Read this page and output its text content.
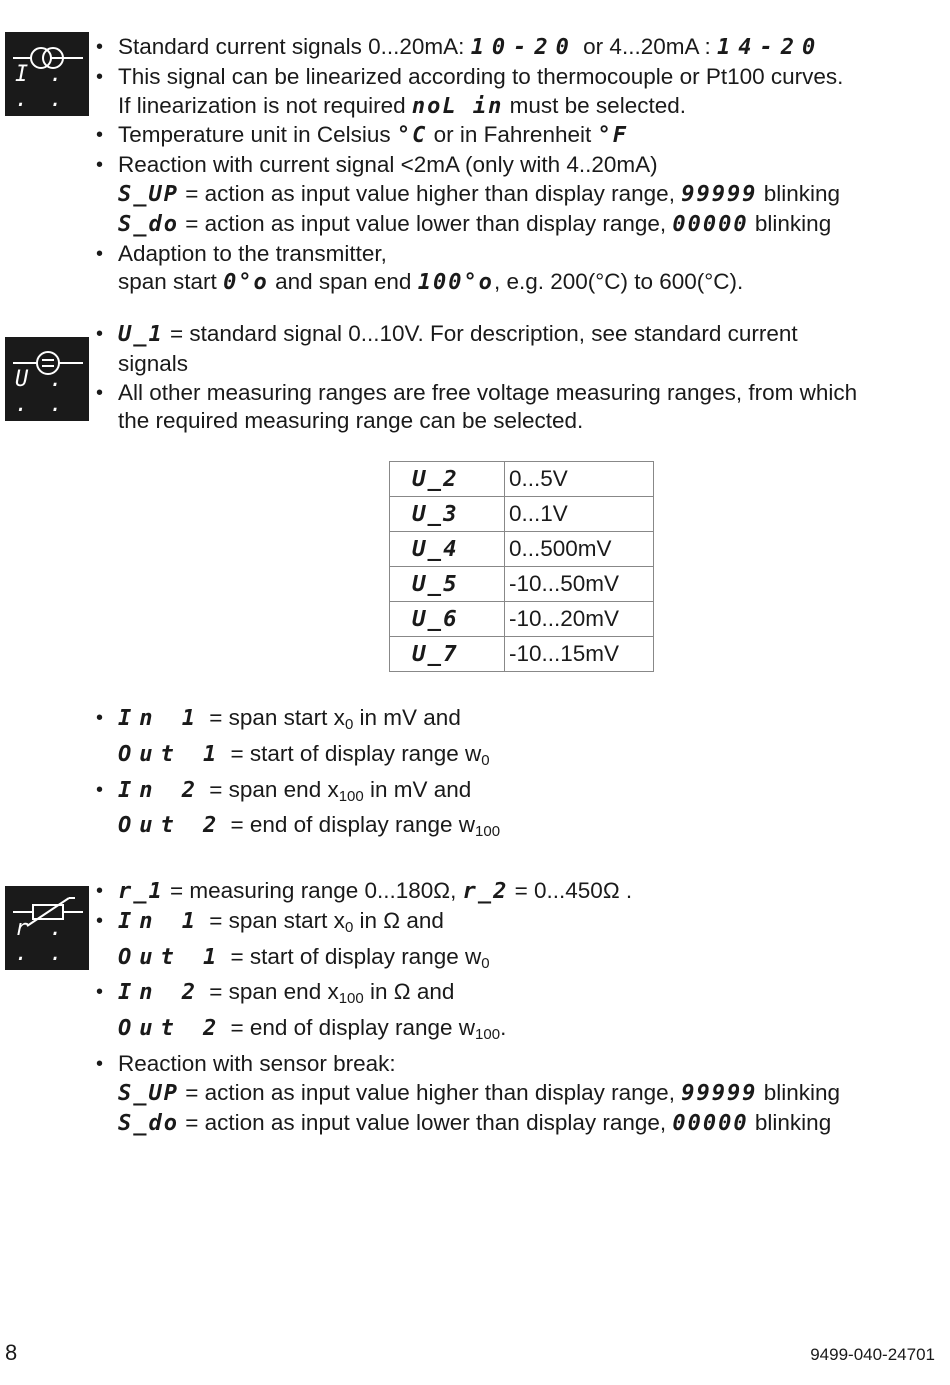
I . . .
• Standard current signals 0...20mA: 10-20 or 4...20mA : 14-20
• This signal can be linearized according to thermocouple or Pt100 curves.
If linearization is not required noL in must be selected.
• Temperature unit in Celsius °C or in Fahrenheit °F
• Reaction with current signal <2mA (only with 4..20mA)
S_UP = action as input value higher than display range, 99999 blinking
S_do = action as input value lower than display range, 00000 blinking
• Adaption to the transmitter,
span start 0°o and span end 100°o, e.g. 200(°C) to 600(°C).
U . . .
• U_1 = standard signal 0...10V. For description, see standard current
signals
• All other measuring ranges are free voltage measuring ranges, from which
the required measuring range can be selected.
U_2	0...5V
U_3	0...1V
U_4	0...500mV
U_5	-10...50mV
U_6	-10...20mV
U_7	-10...15mV
• In 1 = span start $x_0$ in mV and
Out 1 = start of display range $w_0$
• In 2 = span end $x_{100}$ in mV and
Out 2 = end of display range $w_{100}$
r . . .
• r_1 = measuring range 0...180Ω, r_2 = 0...450Ω .
• In 1 = span start $x_0$ in Ω and
Out 1 = start of display range $w_0$
• In 2 = span end $x_{100}$ in Ω and
Out 2 = end of display range $w_{100}$.
• Reaction with sensor break:
S_UP = action as input value higher than display range, 99999 blinking
S_do = action as input value lower than display range, 00000 blinking
8	9499-040-24701
